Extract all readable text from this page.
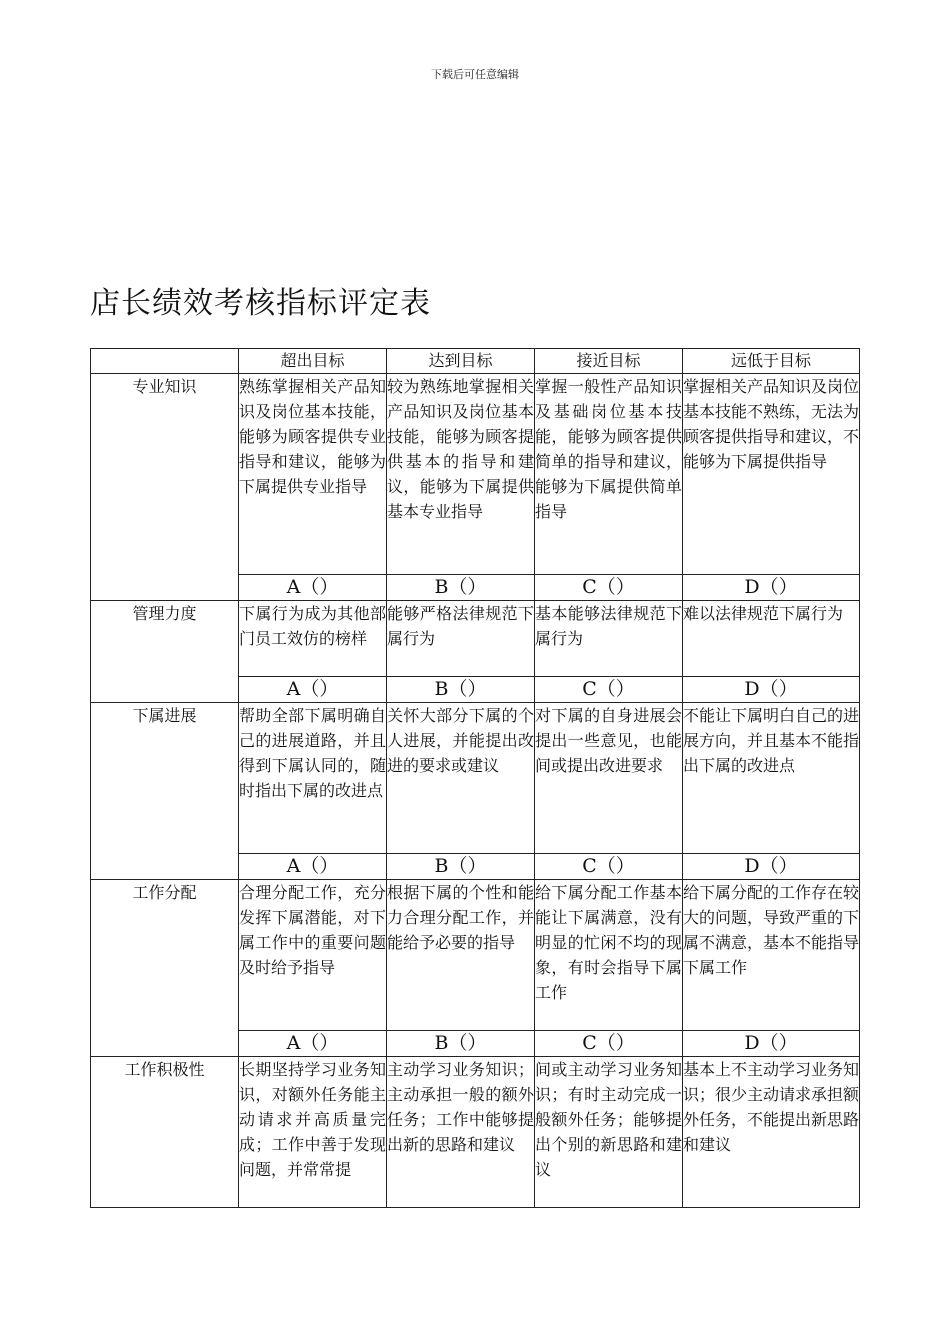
下载后可任意编辑
店长绩效考核指标评定表
	超出目标	达到目标	接近目标	远低于目标
专业知识	熟练掌握相关产品知识及岗位基本技能，能够为顾客提供专业指导和建议，能够为下属提供专业指导	较为熟练地掌握相关产品知识及岗位基本技能，能够为顾客提供基本的指导和建议，能够为下属提供基本专业指导	掌握一般性产品知识及基础岗位基本技能，能够为顾客提供简单的指导和建议，能够为下属提供简单指导	掌握相关产品知识及岗位基本技能不熟练，无法为顾客提供指导和建议，不能够为下属提供指导
	A（）	B（）	C（）	D（）
管理力度	下属行为成为其他部门员工效仿的榜样	能够严格法律规范下属行为	基本能够法律规范下属行为	难以法律规范下属行为
	A（）	B（）	C（）	D（）
下属进展	帮助全部下属明确自己的进展道路，并且得到下属认同的，随时指出下属的改进点	关怀大部分下属的个人进展，并能提出改进的要求或建议	对下属的自身进展会提出一些意见，也能间或提出改进要求	不能让下属明白自己的进展方向，并且基本不能指出下属的改进点
	A（）	B（）	C（）	D（）
工作分配	合理分配工作，充分发挥下属潜能，对下属工作中的重要问题及时给予指导	根据下属的个性和能力合理分配工作，并能给予必要的指导	给下属分配工作基本能让下属满意，没有明显的忙闲不均的现象，有时会指导下属工作	给下属分配的工作存在较大的问题，导致严重的下属不满意，基本不能指导下属工作
	A（）	B（）	C（）	D（）
工作积极性	长期坚持学习业务知识，对额外任务能主动请求并高质量完成；工作中善于发现问题，并常常提	主动学习业务知识；主动承担一般的额外任务；工作中能够提出新的思路和建议	间或主动学习业务知识；有时主动完成一般额外任务；能够提出个别的新思路和建议	基本上不主动学习业务知识；很少主动请求承担额外任务，不能提出新思路和建议
